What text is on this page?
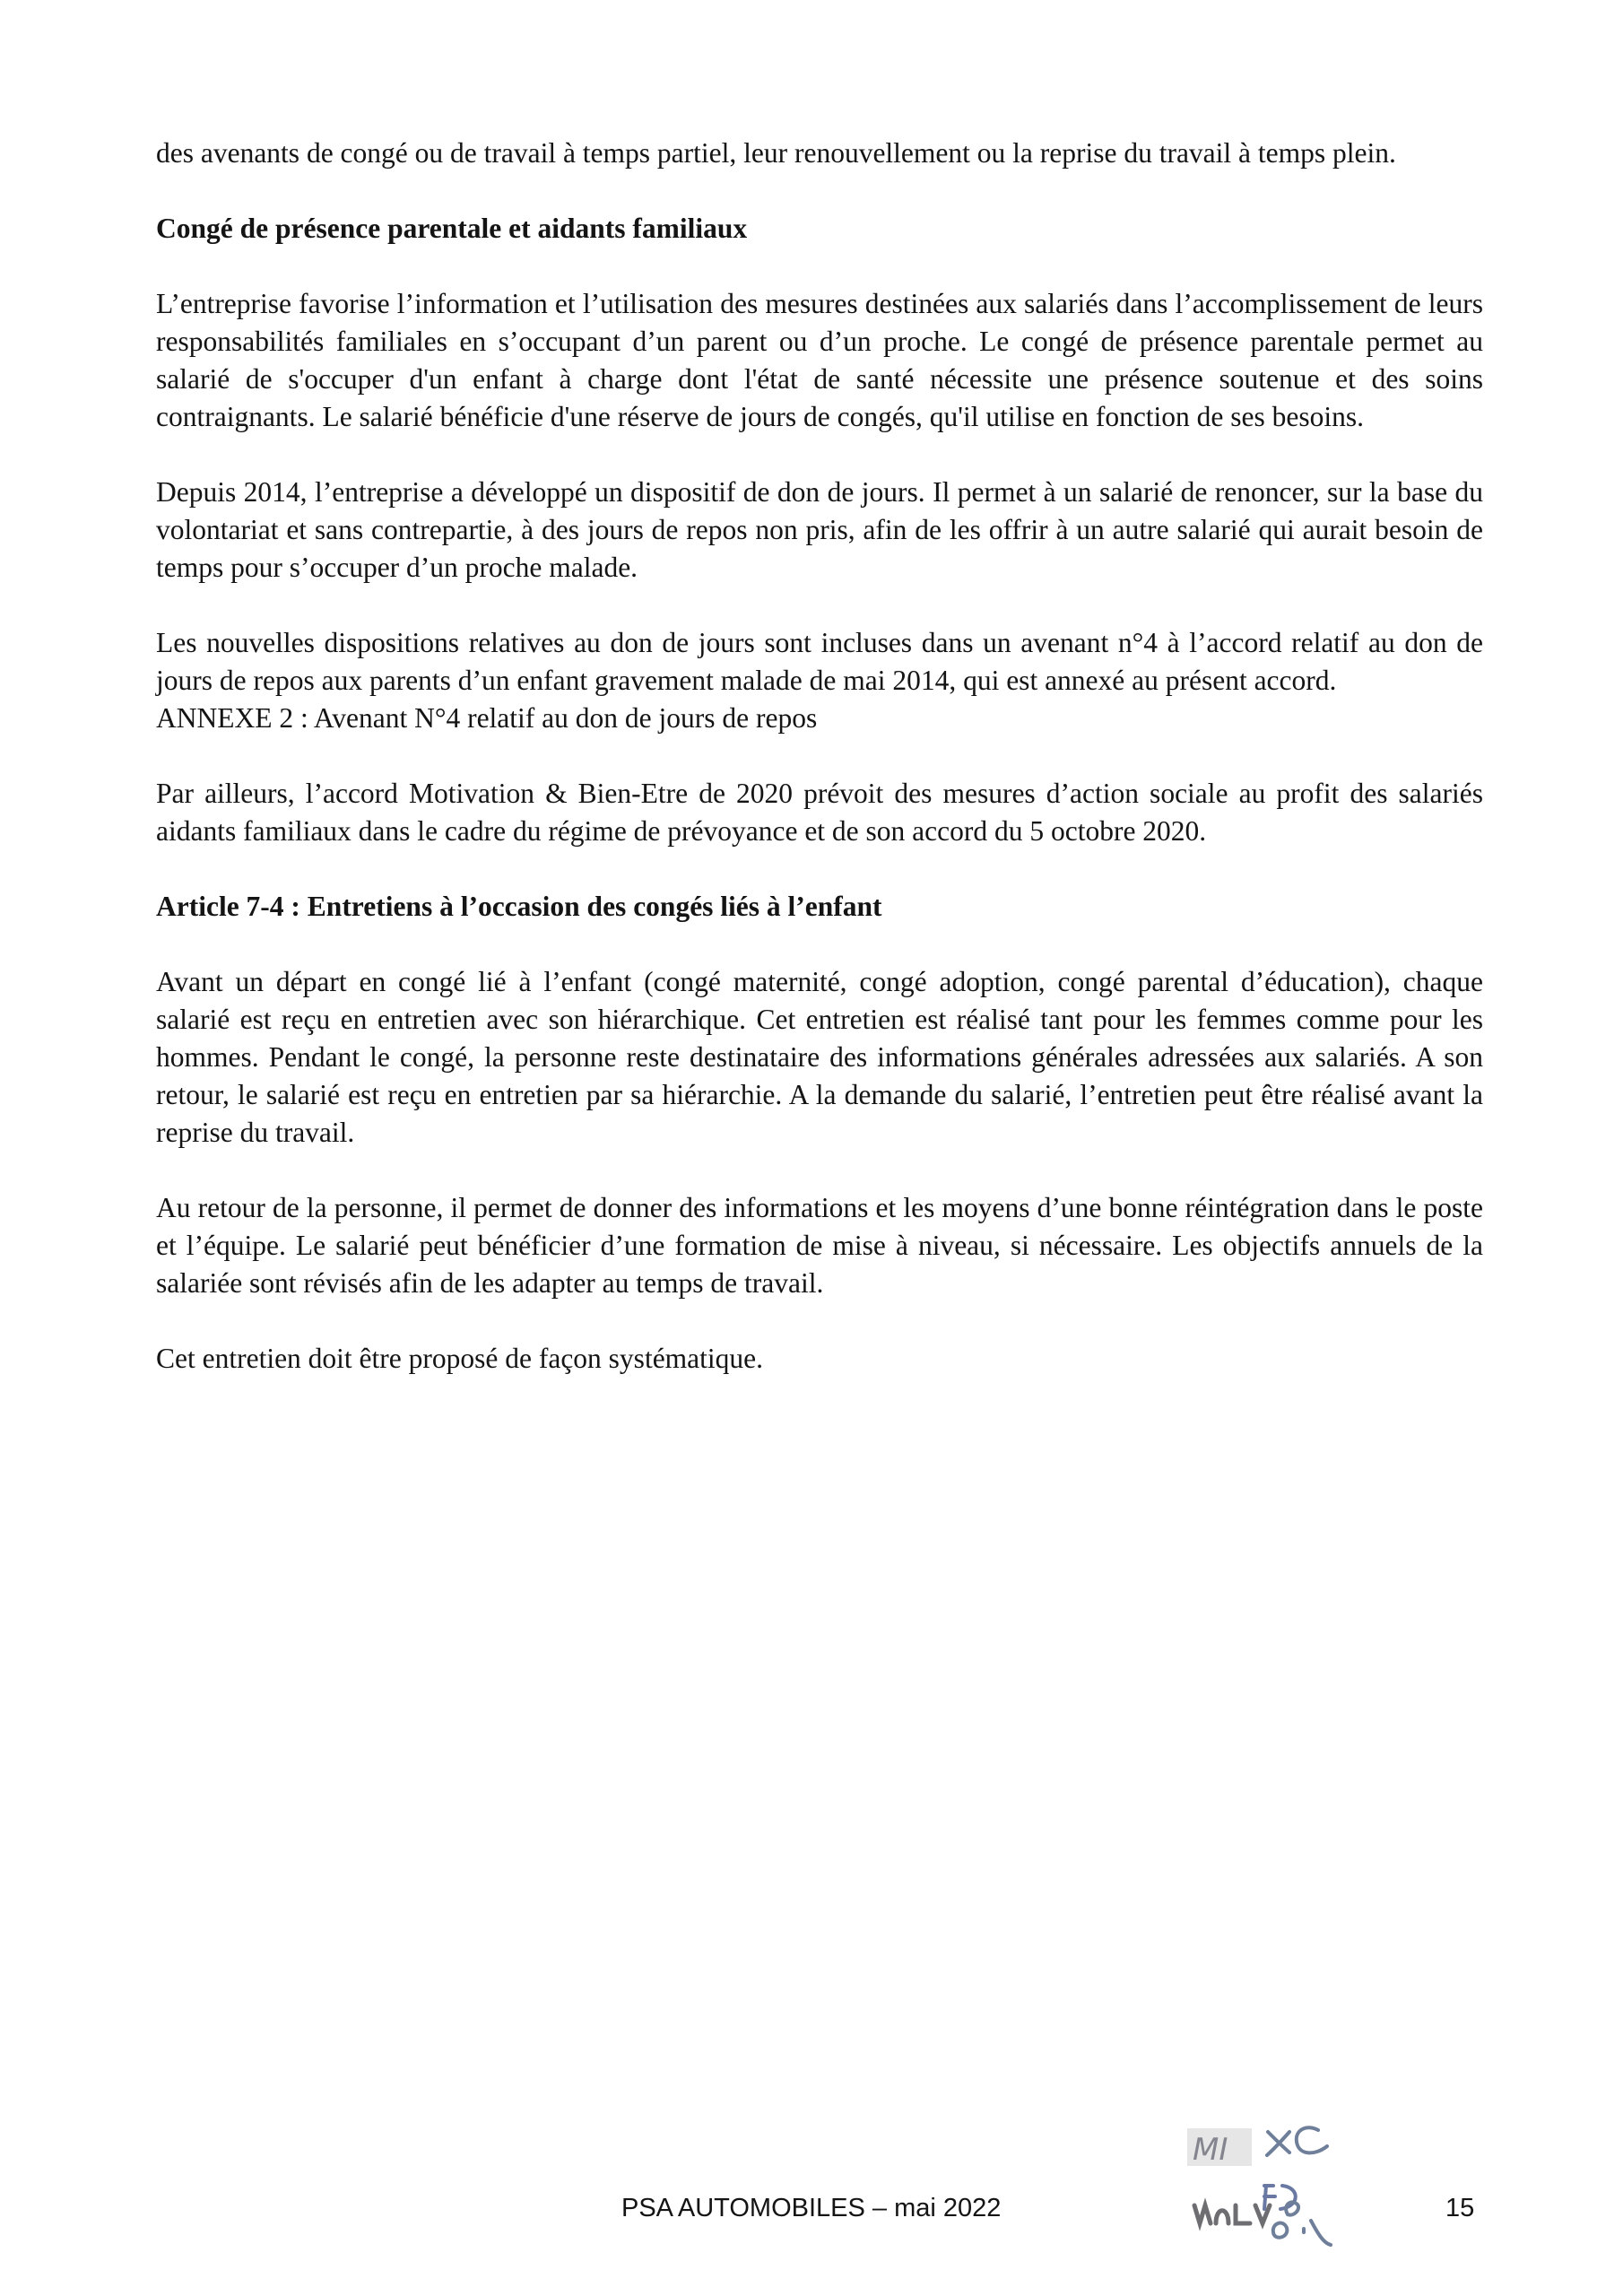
des avenants de congé ou de travail à temps partiel, leur renouvellement ou la reprise du travail à temps plein.

Congé de présence parentale et aidants familiaux

L’entreprise favorise l’information et l’utilisation des mesures destinées aux salariés dans l’accomplissement de leurs responsabilités familiales en s’occupant d’un parent ou d’un proche. Le congé de présence parentale permet au salarié de s'occuper d'un enfant à charge dont l'état de santé nécessite une présence soutenue et des soins contraignants. Le salarié bénéficie d'une réserve de jours de congés, qu'il utilise en fonction de ses besoins.

Depuis 2014, l’entreprise a développé un dispositif de don de jours. Il permet à un salarié de renoncer, sur la base du volontariat et sans contrepartie, à des jours de repos non pris, afin de les offrir à un autre salarié qui aurait besoin de temps pour s’occuper d’un proche malade.

Les nouvelles dispositions relatives au don de jours sont incluses dans un avenant n°4 à l’accord relatif au don de jours de repos aux parents d’un enfant gravement malade de mai 2014, qui est annexé au présent accord.

ANNEXE 2 : Avenant N°4 relatif au don de jours de repos

Par ailleurs, l’accord Motivation & Bien-Etre de 2020 prévoit des mesures d’action sociale au profit des salariés aidants familiaux dans le cadre du régime de prévoyance et de son accord du 5 octobre 2020.

Article 7-4 : Entretiens à l’occasion des congés liés à l’enfant

Avant un départ en congé lié à l’enfant (congé maternité, congé adoption, congé parental d’éducation), chaque salarié est reçu en entretien avec son hiérarchique. Cet entretien est réalisé tant pour les femmes comme pour les hommes. Pendant le congé, la personne reste destinataire des informations générales adressées aux salariés. A son retour, le salarié est reçu en entretien par sa hiérarchie. A la demande du salarié, l’entretien peut être réalisé avant la reprise du travail.

Au retour de la personne, il permet de donner des informations et les moyens d’une bonne réintégration dans le poste et l’équipe. Le salarié peut bénéficier d’une formation de mise à niveau, si nécessaire. Les objectifs annuels de la salariée sont révisés afin de les adapter au temps de travail.

Cet entretien doit être proposé de façon systématique.

MI
PSA AUTOMOBILES – mai 2022	15
